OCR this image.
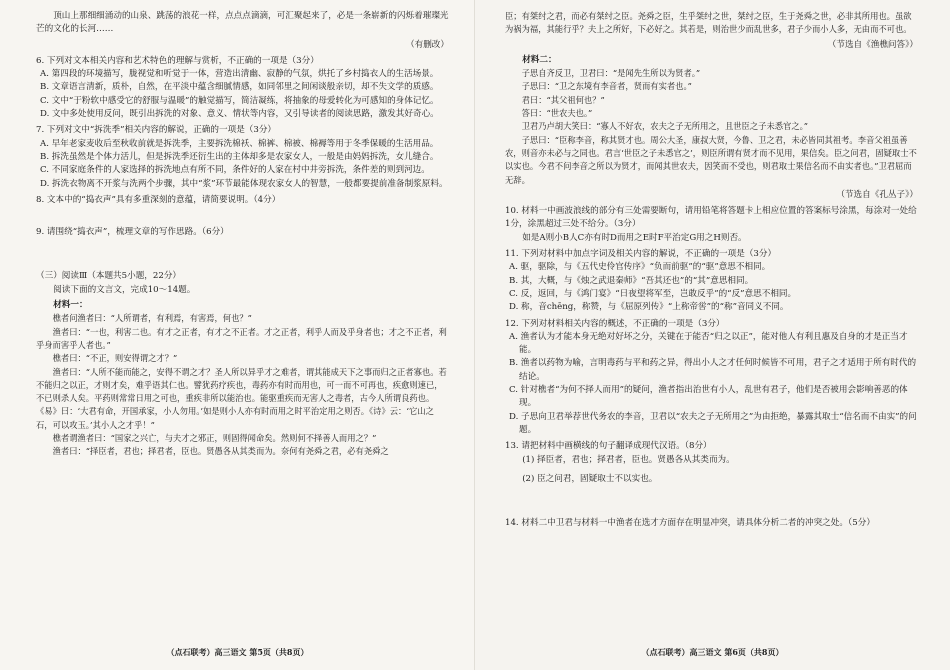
顶山上那细细涌动的山泉、跳荡的浪花一样，点点点滴滴，可汇聚起来了，必是一条崭新的闪烁着璀璨光芒的文化的长河……

（有删改）

6. 下列对文本相关内容和艺术特色的理解与赏析，不正确的一项是（3分）

A. 第四段的环境描写，胧视觉和听觉于一体，营造出清幽、寂静的气氛，烘托了乡村捣衣人的生活场景。

B. 文章语言清新，质朴，自然，在平淡中蕴含细腻情感，如同邻里之间闲谈般亲切，却不失文学的质感。

C. 文中“于粉软中感受它的舒服与温暖”的触觉描写，简洁凝练，将抽象的母爱转化为可感知的身体记忆。

D. 文中多处使用反问，既引出拆洗的对象、意义、情状等内容，又引导读者的阅读思路，激发其好奇心。

7. 下列对文中“拆洗季”相关内容的解说，正确的一项是（3分）

A. 早年老家麦收后至秋收前就是拆洗季，主要拆洗棉袄、棉裤、棉被、棉褥等用于冬季保暖的生活用品。

B. 拆洗虽然是个体力活儿，但是拆洗季还衍生出的主体却多是农家女人，一般是由妈妈拆洗，女儿缝合。

C. 不同家庭条件的人家选择的拆洗地点有所不同，条件好的人家在村中井旁拆洗，条件差的则到河边。

D. 拆洗衣物离不开浆与洗两个步骤，其中“浆”环节最能体现农家女人的智慧，一般都要提前准备制浆原料。

8. 文本中的“捣衣声”具有多重深刻的意蕴，请简要说明。（4分）

9. 请围绕“捣衣声”，梳理文章的写作思路。（6分）

（三）阅读Ⅲ（本题共5小题，22分）

阅读下面的文言文，完成10～14题。

材料一：

樵者问渔者曰：“人所谓者，有利焉，有害焉，何也？”

渔者曰：“一也，利害二也。有才之正者，有才之不正者。才之正者，利乎人而及乎身者也；才之不正者，利乎身而害乎人者也。”

樵者曰：“不正，则安得谓之才？”

渔者曰：“人所不能而能之，安得不谓之才？圣人所以异乎才之难者，谓其能成天下之事而归之正者寡也。若不能归之以正，才则才矣，难乎语其仁也。譬犹药疗疾也，毒药亦有时而用也，可一而不可再也，疾愈则速已，不已则杀人矣。平药则常常日用之可也，重疾非所以能治也。能驱重疾而无害人之毒者，古今人所谓良药也。《易》曰：‘大君有命，开国承家，小人勿用。’如是则小人亦有时而用之时平治定用之则否。《诗》云：‘它山之石，可以攻玉。’其小人之才乎！”

樵者谓渔者曰：“国家之兴亡，与夫才之邪正，则固得闻命矣。然则何不择善人而用之？”

渔者曰：“择臣者，君也；择君者，臣也。贤愚各从其类而为。奈何有尧舜之君，必有尧舜之

（点石联考）高三语文 第5页（共8页）

臣；有桀纣之君，而必有桀纣之臣。尧舜之臣，生乎桀纣之世，桀纣之臣，生于尧舜之世，必非其所用也。虽欲为祸为福，其能行乎？夫上之所好，下必好之。其若是，则治世少而乱世多，君子少而小人多，无由而不可也。

（节选自《渔樵问答》）

材料二：

子思自齐反卫，卫君曰：“是闻先生所以为贤者。”

子思曰：“卫之东境有李音者，贤而有实者也。”

君曰：“其父祖何也？”

答曰：“世农夫也。”

卫君乃卢胡大笑曰：“寡人不好农，农夫之子无所用之，且世臣之子未悉官之。”

子思曰：“臣称李音，称其贤才也。周公大圣，康叔大贤，今鲁、卫之君，未必皆同其祖考。李音父祖虽善农，则音亦未必与之同也。君言‘世臣之子未悉官之’，则臣所谓有贤才而不见用，果信矣。臣之问君，固疑取士不以实也。今君不问李音之所以为贤才，而闻其世农夫，因笑而不受也，则君取士果信名而不由实者也。”卫君屈而无辞。

（节选自《孔丛子》）

10. 材料一中画波浪线的部分有三处需要断句，请用铅笔将答题卡上相应位置的答案标号涂黑，每涂对一处给1分，涂黑超过三处不给分。（3分）

如是A则小B人C亦有时D而用之E时F平治定G用之H则否。

11. 下列对材料中加点字词及相关内容的解说，不正确的一项是（3分）

A. 驱，驱除，与《五代史伶官传序》“负而前驱”的“驱”意思不相同。

B. 其，大概，与《烛之武退秦师》“吾其还也”的“其”意思相同。

C. 反，返回，与《鸿门宴》“日夜望将军至，岂敢反乎”的“反”意思不相同。

D. 称，音chēng，称赞，与《屈原列传》“上称帝喾”的“称”音同义不同。

12. 下列对材料相关内容的概述，不正确的一项是（3分）

A. 渔者认为才能本身无绝对好坏之分，关键在于能否“归之以正”，能对他人有利且惠及自身的才是正当才能。

B. 渔者以药物为喻，言明毒药与平和药之异，得出小人之才任何时候皆不可用，君子之才适用于所有时代的结论。

C. 针对樵者“为何不择人而用”的疑问，渔者指出治世有小人，乱世有君子，他们是否被用会影响善恶的体现。

D. 子思向卫君举荐世代务农的李音，卫君以“农夫之子无所用之”为由拒绝，暴露其取士“信名而不由实”的问题。

13. 请把材料中画横线的句子翻译成现代汉语。（8分）

(1) 择臣者，君也；择君者，臣也。贤愚各从其类而为。

(2) 臣之问君，固疑取士不以实也。

14. 材料二中卫君与材料一中渔者在选才方面存在明显冲突，请具体分析二者的冲突之处。（5分）

（点石联考）高三语文 第6页（共8页）
